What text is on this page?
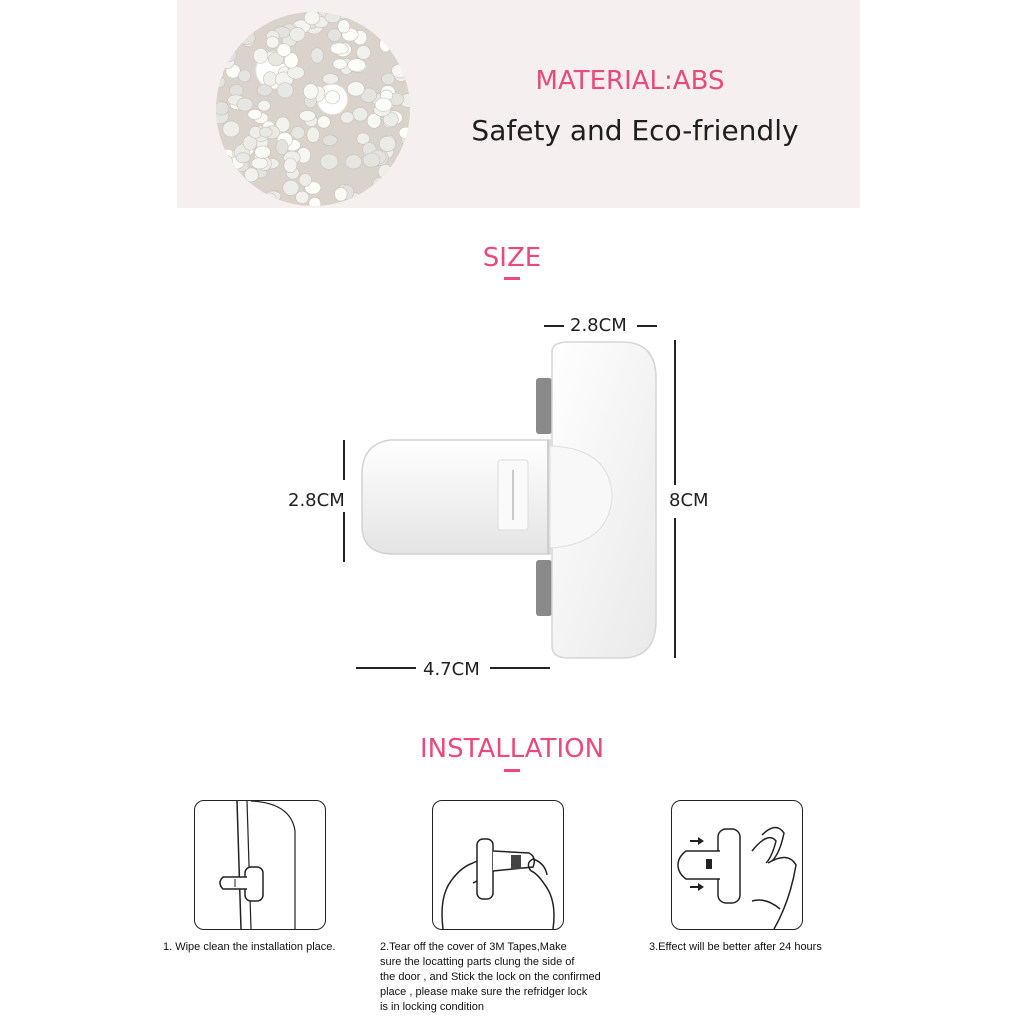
MATERIAL:ABS
Safety and Eco-friendly
SIZE
2.8CM
2.8CM	8CM
4.7CM
INSTALLATION
1. Wipe clean the installation place.	2.Tear off the cover of 3M Tapes,Make
sure the locatting parts clung the side of
the door , and Stick the lock on the confirmed
place , please make sure the refridger lock
is in locking condition
3.Effect will be better after 24 hours
